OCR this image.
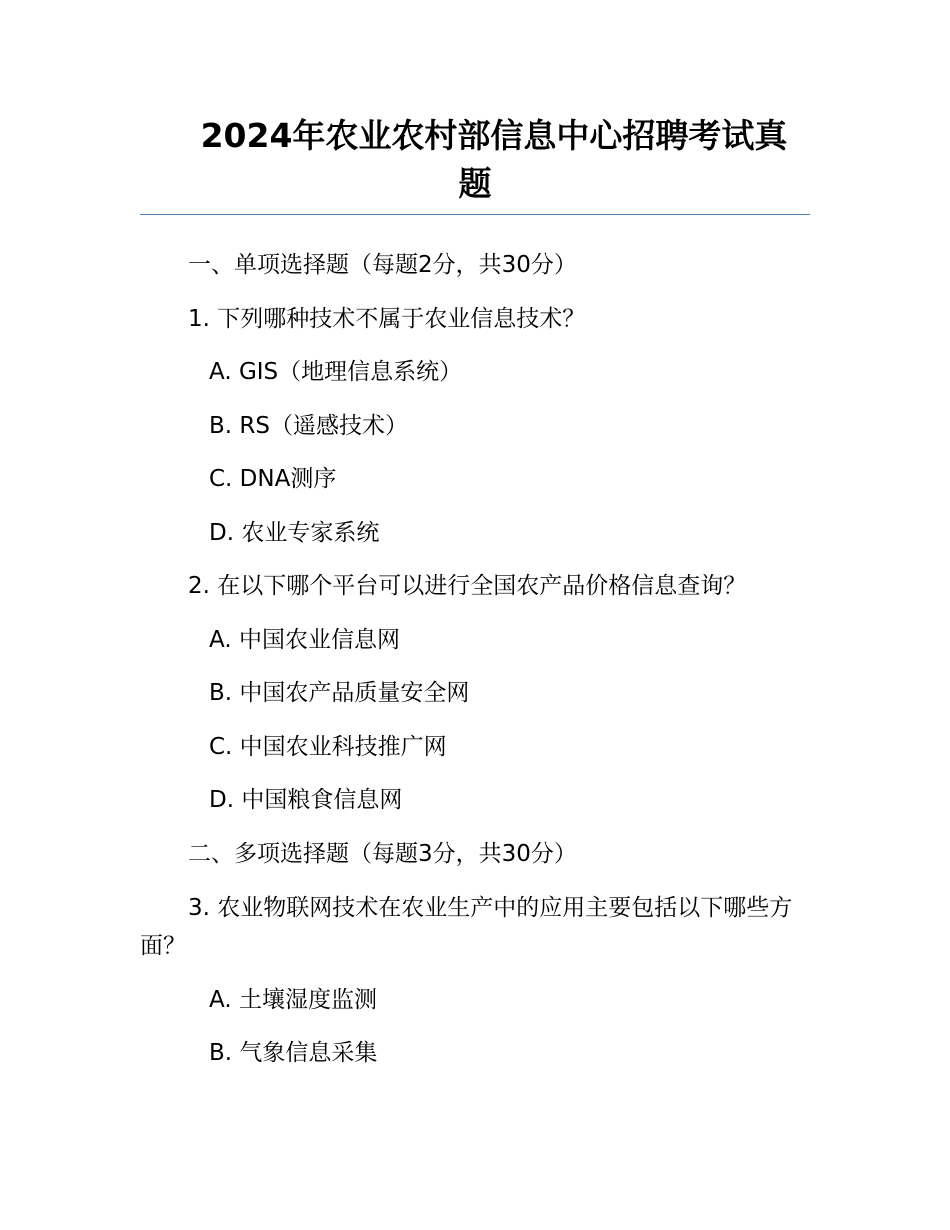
2024年农业农村部信息中心招聘考试真
题
一、单项选择题（每题2分，共30分）
1. 下列哪种技术不属于农业信息技术？
A. GIS（地理信息系统）
B. RS（遥感技术）
C. DNA测序
D. 农业专家系统
2. 在以下哪个平台可以进行全国农产品价格信息查询？
A. 中国农业信息网
B. 中国农产品质量安全网
C. 中国农业科技推广网
D. 中国粮食信息网
二、多项选择题（每题3分，共30分）
3. 农业物联网技术在农业生产中的应用主要包括以下哪些方面？
A. 土壤湿度监测
B. 气象信息采集
